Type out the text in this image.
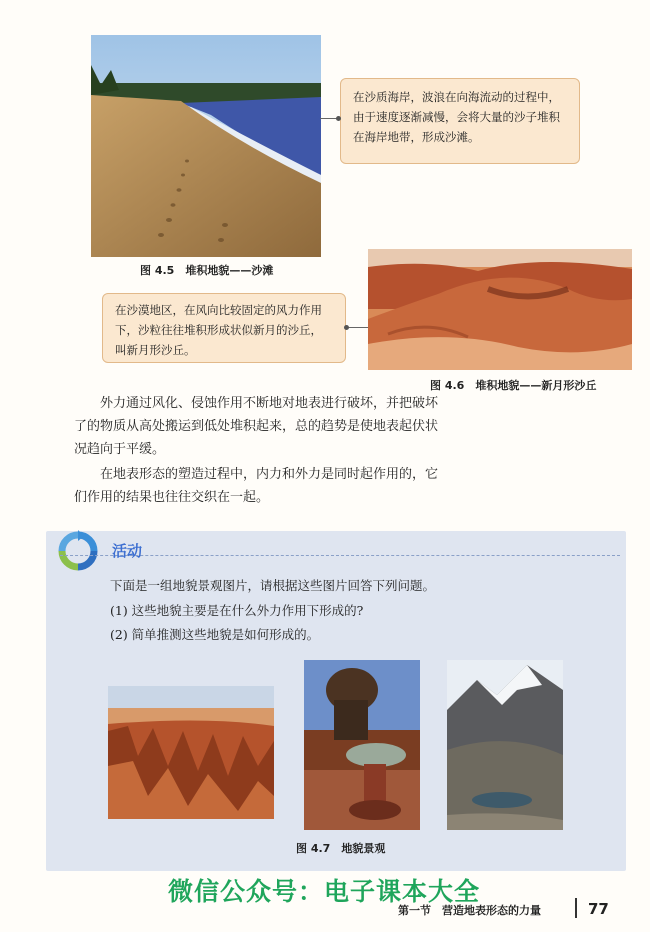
图 4.5　堆积地貌——沙滩
在沙质海岸，波浪在向海流动的过程中，由于速度逐渐减慢，会将大量的沙子堆积在海岸地带，形成沙滩。
图 4.6　堆积地貌——新月形沙丘
在沙漠地区，在风向比较固定的风力作用下，沙粒往往堆积形成状似新月的沙丘，叫新月形沙丘。

外力通过风化、侵蚀作用不断地对地表进行破坏，并把破坏了的物质从高处搬运到低处堆积起来，总的趋势是使地表起伏状况趋向于平缓。

在地表形态的塑造过程中，内力和外力是同时起作用的，它们作用的结果也往往交织在一起。

活动
下面是一组地貌景观图片，请根据这些图片回答下列问题。
(1) 这些地貌主要是在什么外力作用下形成的?
(2) 简单推测这些地貌是如何形成的。
图 4.7　地貌景观
微信公众号：电子课本大全
第一节　营造地表形态的力量	77
